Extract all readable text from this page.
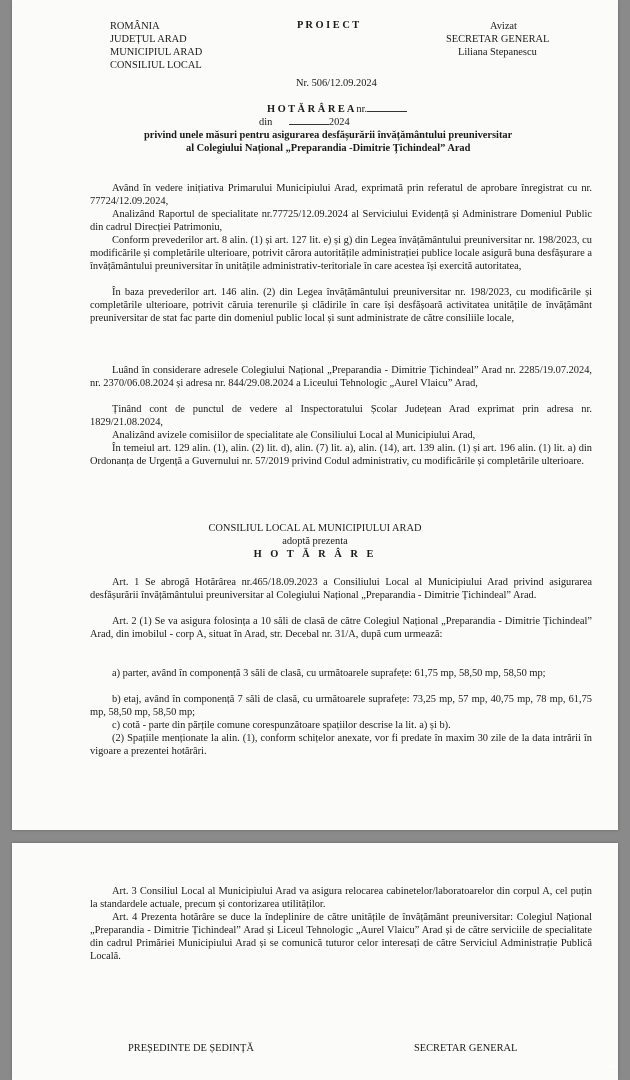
ROMÂNIA
JUDEȚUL ARAD
MUNICIPIUL ARAD
CONSILIUL LOCAL
P R O I E C T	Avizat
SECRETAR GENERAL
Liliana Stepanescu
Nr. 506/12.09.2024
H O T Ă R Â R E A nr.
din	2024
privind unele măsuri pentru asigurarea desfășurării învățământului preuniversitar
al Colegiului Național „Preparandia -Dimitrie Țichindeal” Arad
Având în vedere inițiativa Primarului Municipiului Arad, exprimată prin referatul de aprobare înregistrat cu nr. 77724/12.09.2024,
Analizând Raportul de specialitate nr.77725/12.09.2024 al Serviciului Evidență și Administrare Domeniul Public din cadrul Direcției Patrimoniu,
Conform prevederilor art. 8 alin. (1) și art. 127 lit. e) și g) din Legea învățământului preuniversitar nr. 198/2023, cu modificările și completările ulterioare, potrivit cărora autoritățile administrației publice locale asigură buna desfășurare a învățământului preuniversitar în unitățile administrativ-teritoriale în care acestea își exercită autoritatea,
În baza prevederilor art. 146 alin. (2) din Legea învățământului preuniversitar nr. 198/2023, cu modificările și completările ulterioare, potrivit căruia terenurile și clădirile în care își desfășoară activitatea unitățile de învățământ preuniversitar de stat fac parte din domeniul public local și sunt administrate de către consiliile locale,
Luând în considerare adresele Colegiului Național „Preparandia - Dimitrie Țichindeal” Arad nr. 2285/19.07.2024, nr. 2370/06.08.2024 și adresa nr. 844/29.08.2024 a Liceului Tehnologic „Aurel Vlaicu” Arad,
Ținând cont de punctul de vedere al Inspectoratului Școlar Județean Arad exprimat prin adresa nr. 1829/21.08.2024,
Analizând avizele comisiilor de specialitate ale Consiliului Local al Municipiului Arad,
În temeiul art. 129 alin. (1), alin. (2) lit. d), alin. (7) lit. a), alin. (14), art. 139 alin. (1) și art. 196 alin. (1) lit. a) din Ordonanța de Urgență a Guvernului nr. 57/2019 privind Codul administrativ, cu modificările și completările ulterioare.
CONSILIUL LOCAL AL MUNICIPIULUI ARAD
adoptă prezenta
H O T Ă R Â R E
Art. 1 Se abrogă Hotărârea nr.465/18.09.2023 a Consiliului Local al Municipiului Arad privind asigurarea desfășurării învățământului preuniversitar al Colegiului Național „Preparandia - Dimitrie Țichindeal” Arad.
Art. 2 (1) Se va asigura folosința a 10 săli de clasă de către Colegiul Național „Preparandia - Dimitrie Țichindeal” Arad, din imobilul - corp A, situat în Arad, str. Decebal nr. 31/A, după cum urmează:
a) parter, având în componență 3 săli de clasă, cu următoarele suprafețe: 61,75 mp, 58,50 mp, 58,50 mp;
b) etaj, având în componență 7 săli de clasă, cu următoarele suprafețe: 73,25 mp, 57 mp, 40,75 mp, 78 mp, 61,75 mp, 58,50 mp, 58,50 mp;
c) cotă - parte din părțile comune corespunzătoare spațiilor descrise la lit. a) și b).
(2) Spațiile menționate la alin. (1), conform schițelor anexate, vor fi predate în maxim 30 zile de la data intrării în vigoare a prezentei hotărâri.
Art. 3 Consiliul Local al Municipiului Arad va asigura relocarea cabinetelor/laboratoarelor din corpul A, cel puțin la standardele actuale, precum și contorizarea utilităților.
Art. 4 Prezenta hotărâre se duce la îndeplinire de către unitățile de învățământ preuniversitar: Colegiul Național „Preparandia - Dimitrie Țichindeal” Arad și Liceul Tehnologic „Aurel Vlaicu” Arad și de către serviciile de specialitate din cadrul Primăriei Municipiului Arad și se comunică tuturor celor interesați de către Serviciul Administrație Publică Locală.
PREȘEDINTE DE ȘEDINȚĂ	SECRETAR GENERAL
*
